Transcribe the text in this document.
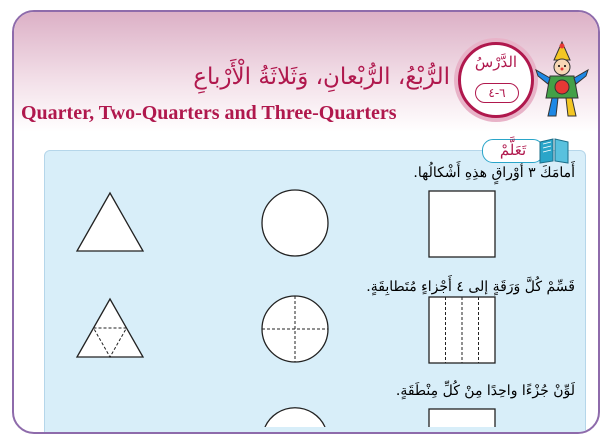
الرُّبْعُ، الرُّبْعانِ، وَثَلاثَةُ الْأَرْباعِ
Quarter, Two-Quarters and Three-Quarters
الدَّرْسُ
٦-٤
أَمامَكَ ٣ أَوْراقٍ هذِهِ أَشْكالُها.
قَسِّمْ كُلَّ وَرَقَةٍ إلى ٤ أَجْزاءٍ مُتَطابِقَةٍ.
لَوِّنْ جُزْءًا واحِدًا مِنْ كُلِّ مِنْطَقَةٍ.
تَعَلَّمْ
